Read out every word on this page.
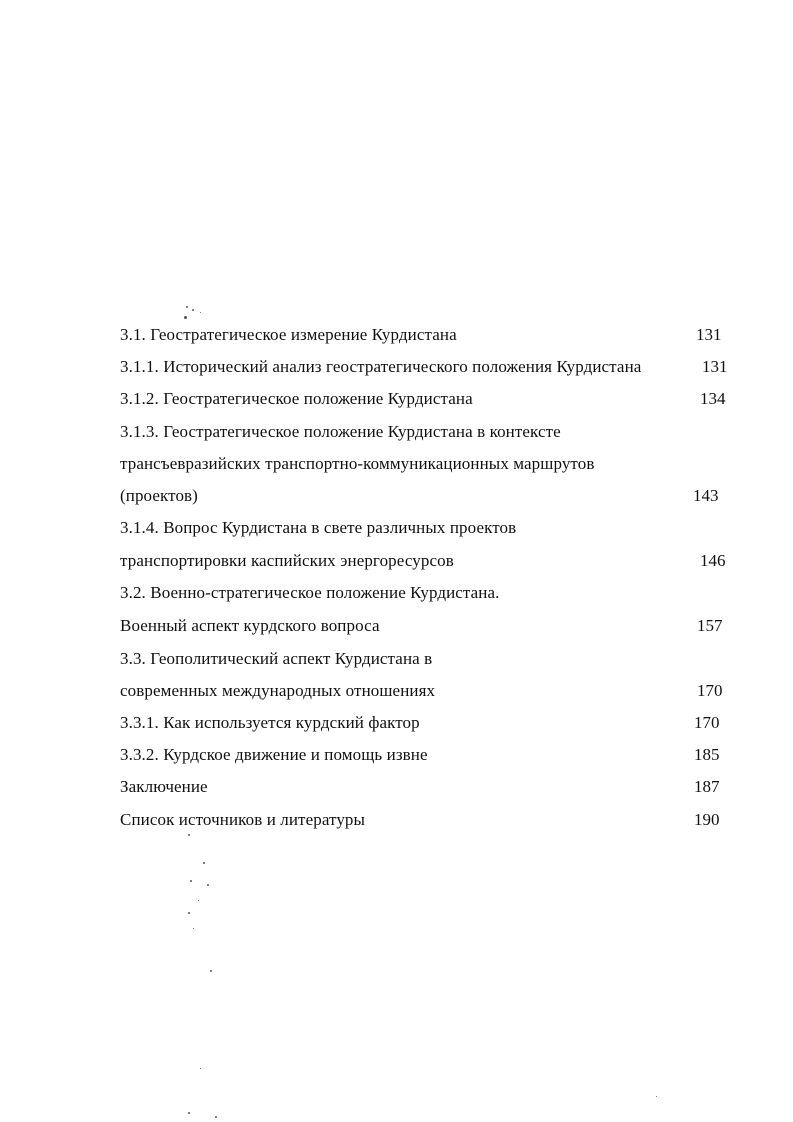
3.1. Геостратегическое измерение Курдистана	131
3.1.1. Исторический анализ геостратегического положения Курдистана	131
3.1.2. Геостратегическое положение Курдистана	134
3.1.3. Геостратегическое положение Курдистана в контексте
трансъевразийских транспортно-коммуникационных маршрутов
(проектов)	143
3.1.4. Вопрос Курдистана в свете различных проектов
транспортировки каспийских энергоресурсов	146
3.2. Военно-стратегическое положение Курдистана.
Военный аспект курдского вопроса	157
3.3. Геополитический аспект Курдистана в
современных международных отношениях	170
3.3.1. Как используется курдский фактор	170
3.3.2. Курдское движение и помощь извне	185
Заключение	187
Список источников и литературы	190
